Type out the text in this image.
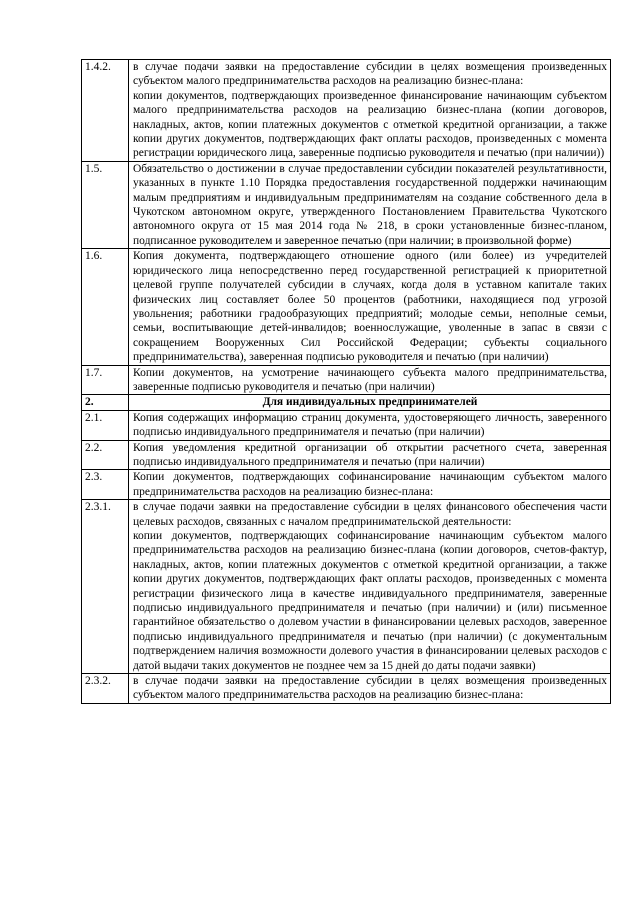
1.4.2.	в случае подачи заявки на предоставление субсидии в целях возмещения произведенных субъектом малого предпринимательства расходов на реализацию бизнес-плана:
копии документов, подтверждающих произведенное финансирование начинающим субъектом малого предпринимательства расходов на реализацию бизнес-плана (копии договоров, накладных, актов, копии платежных документов с отметкой кредитной организации, а также копии других документов, подтверждающих факт оплаты расходов, произведенных с момента регистрации юридического лица, заверенные подписью руководителя и печатью (при наличии))

1.5.	Обязательство о достижении в случае предоставлении субсидии показателей результативности, указанных в пункте 1.10 Порядка предоставления государственной поддержки начинающим малым предприятиям и индивидуальным предпринимателям на создание собственного дела в Чукотском автономном округе, утвержденного Постановлением Правительства Чукотского автономного округа от 15 мая 2014 года № 218, в сроки установленные бизнес-планом, подписанное руководителем и заверенное печатью (при наличии; в произвольной форме)

1.6.	Копия документа, подтверждающего отношение одного (или более) из учредителей юридического лица непосредственно перед государственной регистрацией к приоритетной целевой группе получателей субсидии в случаях, когда доля в уставном капитале таких физических лиц составляет более 50 процентов (работники, находящиеся под угрозой увольнения; работники градообразующих предприятий; молодые семьи, неполные семьи, семьи, воспитывающие детей-инвалидов; военнослужащие, уволенные в запас в связи с сокращением Вооруженных Сил Российской Федерации; субъекты социального предпринимательства), заверенная подписью руководителя и печатью (при наличии)

1.7.	Копии документов, на усмотрение начинающего субъекта малого предпринимательства, заверенные подписью руководителя и печатью (при наличии)

2.	Для индивидуальных предпринимателей

2.1.	Копия содержащих информацию страниц документа, удостоверяющего личность, заверенного подписью индивидуального предпринимателя и печатью (при наличии)

2.2.	Копия уведомления кредитной организации об открытии расчетного счета, заверенная подписью индивидуального предпринимателя и печатью (при наличии)

2.3.	Копии документов, подтверждающих софинансирование начинающим субъектом малого предпринимательства расходов на реализацию бизнес-плана:

2.3.1.	в случае подачи заявки на предоставление субсидии в целях финансового обеспечения части целевых расходов, связанных с началом предпринимательской деятельности:
копии документов, подтверждающих софинансирование начинающим субъектом малого предпринимательства расходов на реализацию бизнес-плана (копии договоров, счетов-фактур, накладных, актов, копии платежных документов с отметкой кредитной организации, а также копии других документов, подтверждающих факт оплаты расходов, произведенных с момента регистрации физического лица в качестве индивидуального предпринимателя, заверенные подписью индивидуального предпринимателя и печатью (при наличии) и (или) письменное гарантийное обязательство о долевом участии в финансировании целевых расходов, заверенное подписью индивидуального предпринимателя и печатью (при наличии) (с документальным подтверждением наличия возможности долевого участия в финансировании целевых расходов с датой выдачи таких документов не позднее чем за 15 дней до даты подачи заявки)

2.3.2.	в случае подачи заявки на предоставление субсидии в целях возмещения произведенных субъектом малого предпринимательства расходов на реализацию бизнес-плана:
